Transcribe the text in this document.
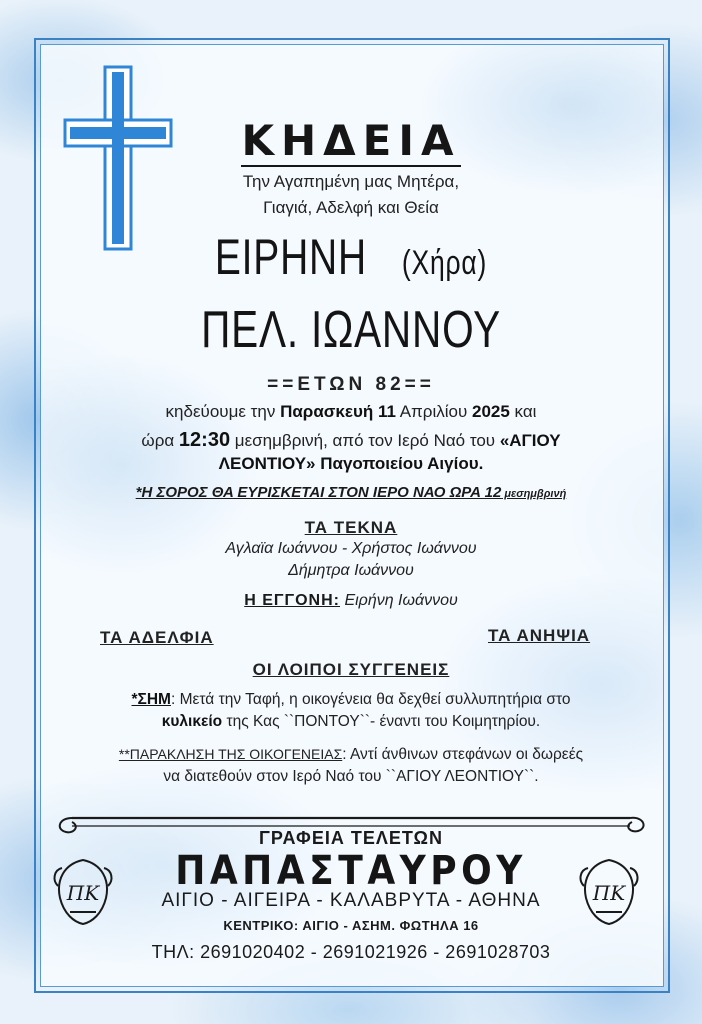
ΚΗΔΕΙΑ
Την Αγαπημένη μας Μητέρα,
Γιαγιά, Αδελφή και Θεία
ΕΙΡΗΝΗ (Χήρα)
ΠΕΛ. ΙΩΑΝΝΟΥ
==ΕΤΩΝ 82==
κηδεύουμε την Παρασκευή 11 Απριλίου 2025 και
ώρα 12:30 μεσημβρινή, από τον Ιερό Ναό του «ΑΓΙΟΥ
ΛΕΟΝΤΙΟΥ» Παγοποιείου Αιγίου.
*Η ΣΟΡΟΣ ΘΑ ΕΥΡΙΣΚΕΤΑΙ ΣΤΟΝ ΙΕΡΟ ΝΑΟ ΩΡΑ 12 μεσημβρινή
ΤΑ ΤΕΚΝΑ
Αγλαϊα Ιωάννου - Χρήστος Ιωάννου
Δήμητρα Ιωάννου
Η ΕΓΓΟΝΗ: Ειρήνη Ιωάννου
ΤΑ ΑΔΕΛΦΙΑ	ΤΑ ΑΝΗΨΙΑ
ΟΙ ΛΟΙΠΟΙ ΣΥΓΓΕΝΕΙΣ
*ΣΗΜ: Μετά την Ταφή, η οικογένεια θα δεχθεί συλλυπητήρια στο
κυλικείο της Κας ``ΠΟΝΤΟΥ``- έναντι του Κοιμητηρίου.
**ΠΑΡΑΚΛΗΣΗ ΤΗΣ ΟΙΚΟΓΕΝΕΙΑΣ: Αντί άνθινων στεφάνων οι δωρεές
να διατεθούν στον Ιερό Ναό του ``ΑΓΙΟΥ ΛΕΟΝΤΙΟΥ``.
ΓΡΑΦΕΙΑ ΤΕΛΕΤΩΝ
ΠΑΠΑΣΤΑΥΡΟΥ
ΑΙΓΙΟ - ΑΙΓΕΙΡΑ - ΚΑΛΑΒΡΥΤΑ - ΑΘΗΝΑ
ΚΕΝΤΡΙΚΟ: ΑΙΓΙΟ - ΑΣΗΜ. ΦΩΤΗΛΑ 16
ΤΗΛ: 2691020402 - 2691021926 - 2691028703
ΠΚ	ΠΚ
